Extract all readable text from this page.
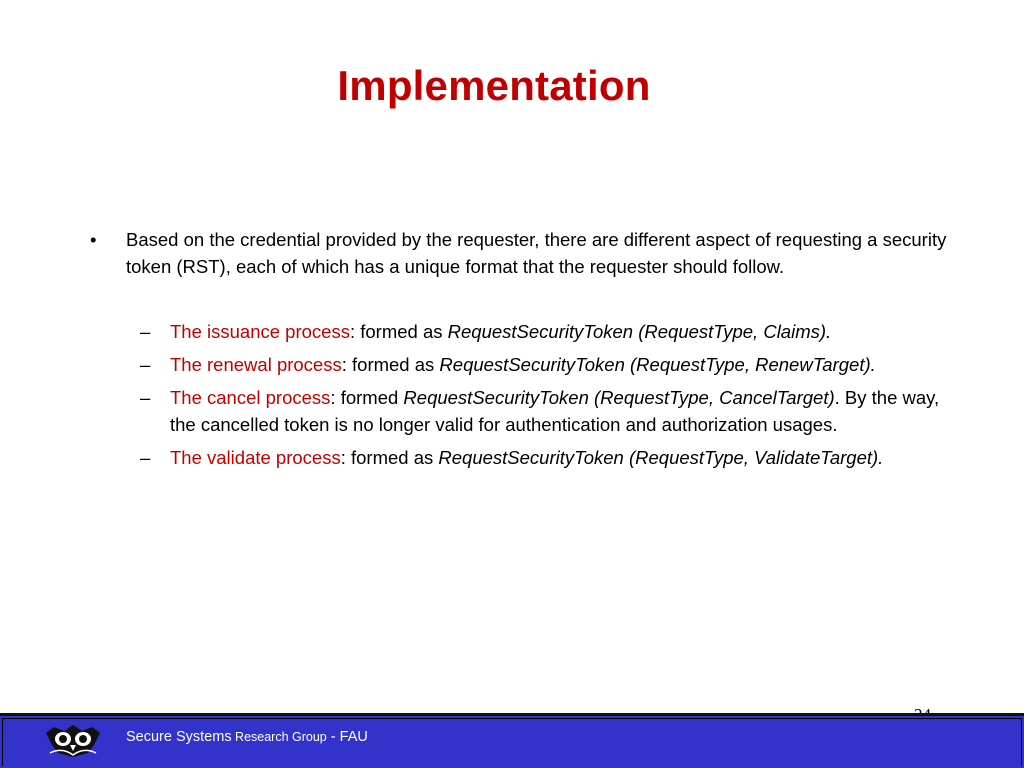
Implementation
• Based on the credential provided by the requester, there are different aspect of requesting a security token (RST), each of which has a unique format that the requester should follow.
– The issuance process: formed as RequestSecurityToken (RequestType, Claims).
– The renewal process: formed as RequestSecurityToken (RequestType, RenewTarget).
– The cancel process: formed RequestSecurityToken (RequestType, CancelTarget). By the way, the cancelled token is no longer valid for authentication and authorization usages.
– The validate process: formed as RequestSecurityToken (RequestType, ValidateTarget).
Secure Systems Research Group - FAU
